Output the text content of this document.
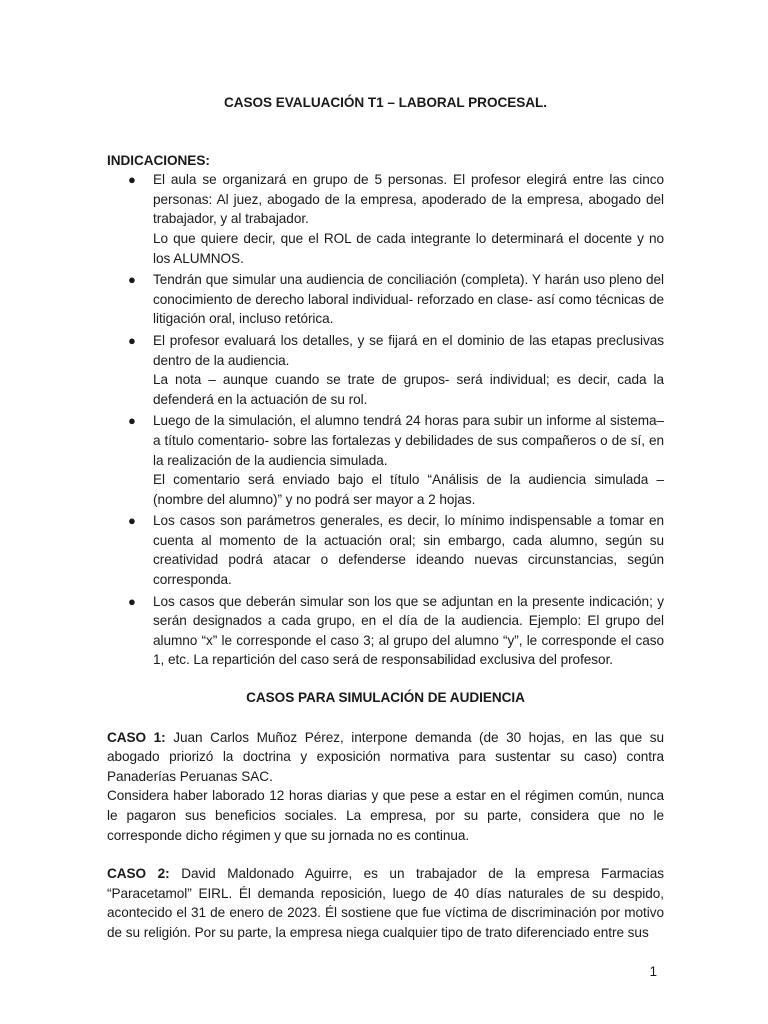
CASOS EVALUACIÓN T1 – LABORAL PROCESAL.

INDICACIONES:

● El aula se organizará en grupo de 5 personas. El profesor elegirá entre las cinco personas: Al juez, abogado de la empresa, apoderado de la empresa, abogado del trabajador, y al trabajador.

Lo que quiere decir, que el ROL de cada integrante lo determinará el docente y no los ALUMNOS.

● Tendrán que simular una audiencia de conciliación (completa). Y harán uso pleno del conocimiento de derecho laboral individual- reforzado en clase- así como técnicas de litigación oral, incluso retórica.

● El profesor evaluará los detalles, y se fijará en el dominio de las etapas preclusivas dentro de la audiencia.

La nota – aunque cuando se trate de grupos- será individual; es decir, cada la defenderá en la actuación de su rol.

● Luego de la simulación, el alumno tendrá 24 horas para subir un informe al sistema– a título comentario- sobre las fortalezas y debilidades de sus compañeros o de sí, en la realización de la audiencia simulada.

El comentario será enviado bajo el título “Análisis de la audiencia simulada – (nombre del alumno)” y no podrá ser mayor a 2 hojas.

● Los casos son parámetros generales, es decir, lo mínimo indispensable a tomar en cuenta al momento de la actuación oral; sin embargo, cada alumno, según su creatividad podrá atacar o defenderse ideando nuevas circunstancias, según corresponda.

● Los casos que deberán simular son los que se adjuntan en la presente indicación; y serán designados a cada grupo, en el día de la audiencia. Ejemplo: El grupo del alumno “x” le corresponde el caso 3; al grupo del alumno “y”, le corresponde el caso 1, etc. La repartición del caso será de responsabilidad exclusiva del profesor.

CASOS PARA SIMULACIÓN DE AUDIENCIA

CASO 1: Juan Carlos Muñoz Pérez, interpone demanda (de 30 hojas, en las que su abogado priorizó la doctrina y exposición normativa para sustentar su caso) contra Panaderías Peruanas SAC.

Considera haber laborado 12 horas diarias y que pese a estar en el régimen común, nunca le pagaron sus beneficios sociales. La empresa, por su parte, considera que no le corresponde dicho régimen y que su jornada no es continua.

CASO 2: David Maldonado Aguirre, es un trabajador de la empresa Farmacias “Paracetamol” EIRL. Él demanda reposición, luego de 40 días naturales de su despido, acontecido el 31 de enero de 2023. Él sostiene que fue víctima de discriminación por motivo de su religión. Por su parte, la empresa niega cualquier tipo de trato diferenciado entre sus

1
